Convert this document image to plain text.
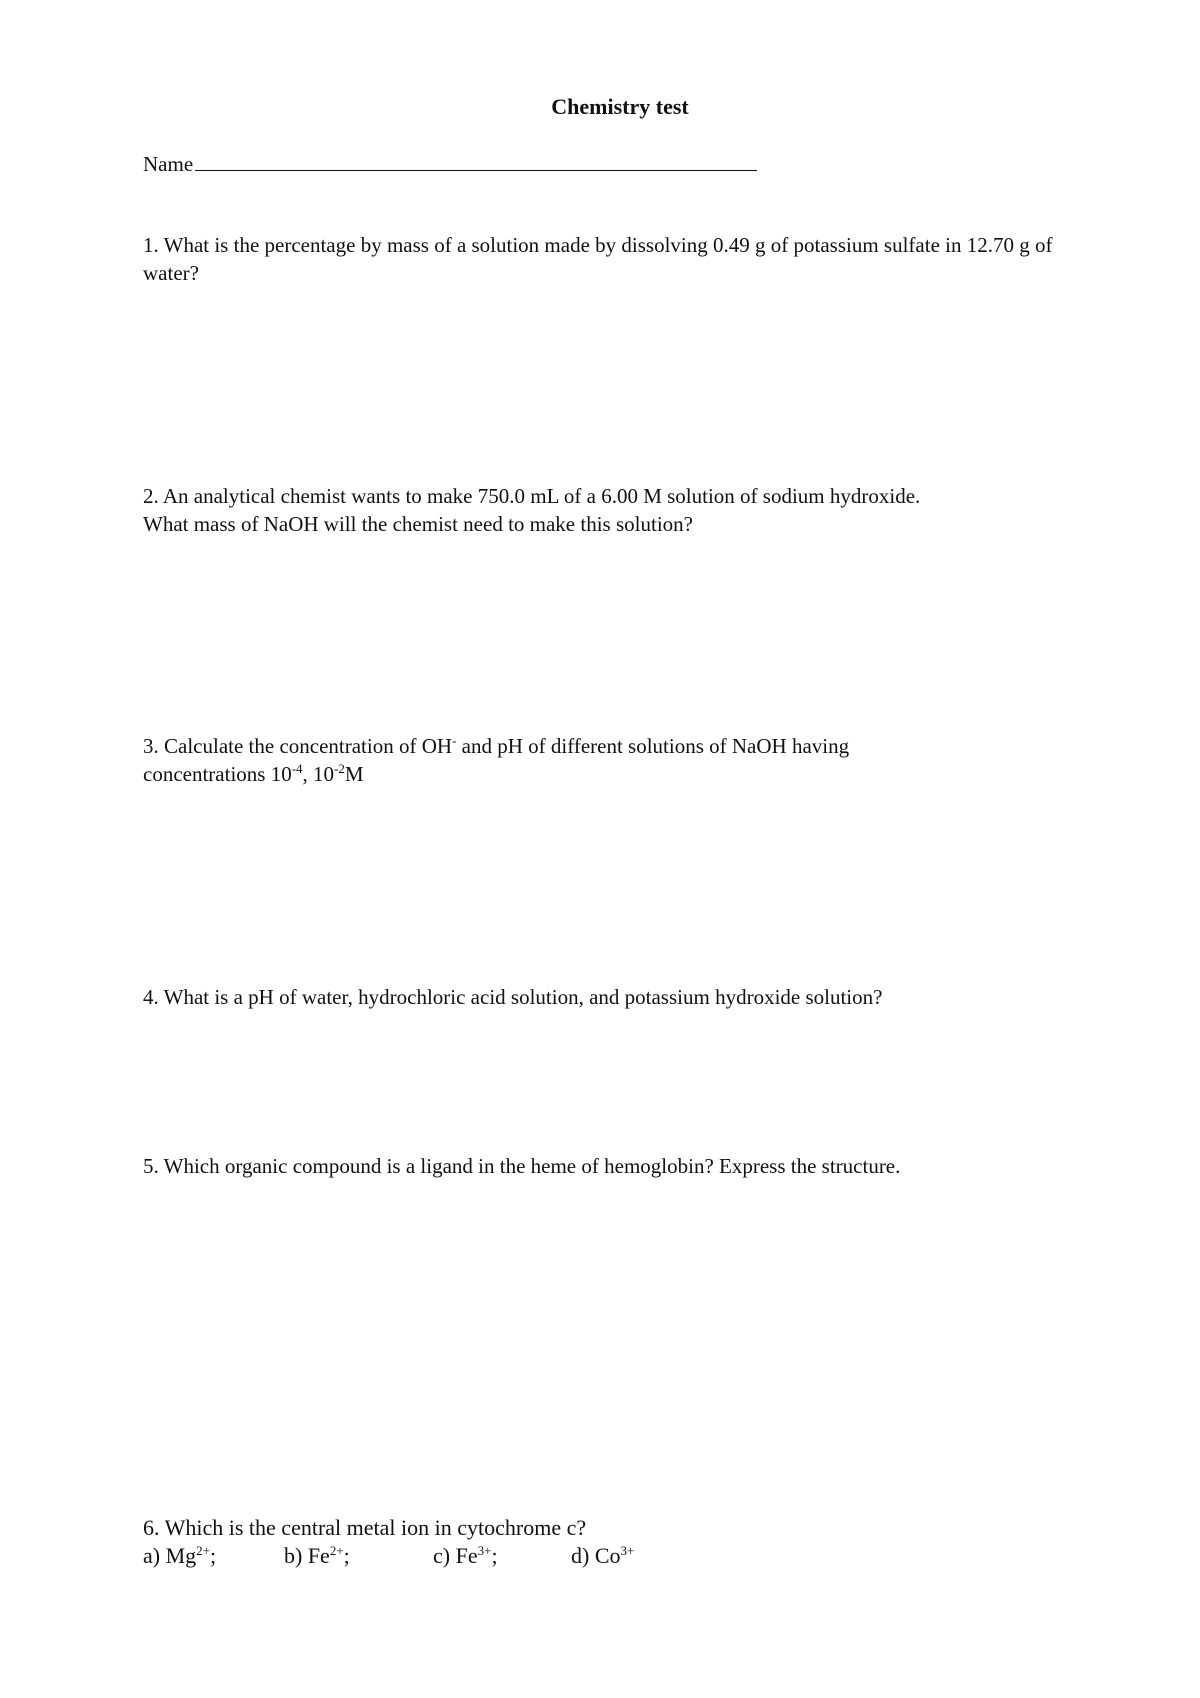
Chemistry test
Name
1. What is the percentage by mass of a solution made by dissolving 0.49 g of potassium sulfate in 12.70 g of water?
2. An analytical chemist wants to make 750.0 mL of a 6.00 M solution of sodium hydroxide.
What mass of NaOH will the chemist need to make this solution?
3. Calculate the concentration of OH- and pH of different solutions of NaOH having
concentrations $10^{-4}$, $10^{-2}M$
4. What is a pH of water, hydrochloric acid solution, and potassium hydroxide solution?
5. Which organic compound is a ligand in the heme of hemoglobin? Express the structure.
6. Which is the central metal ion in cytochrome c?
a) $Mg^{2+}$;	b) $Fe^{2+}$;	c) $Fe^{3+}$;	d) $Co^{3+}$
